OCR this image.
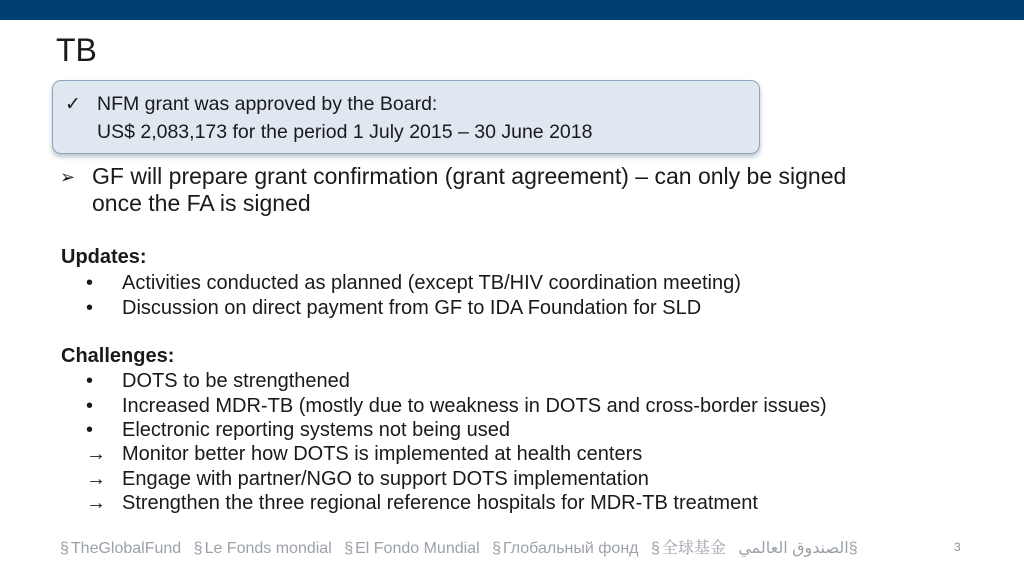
TB
✓ NFM grant was approved by the Board:
US$ 2,083,173 for the period 1 July 2015 – 30 June 2018
➢ GF will prepare grant confirmation (grant agreement) – can only be signed
once the FA is signed
Updates:
•	Activities conducted as planned (except TB/HIV coordination meeting)
•	Discussion on direct payment from GF to IDA Foundation for SLD
Challenges:
•	DOTS to be strengthened
•	Increased MDR-TB (mostly due to weakness in DOTS and cross-border issues)
•	Electronic reporting systems not being used
→ Monitor better how DOTS is implemented at health centers
→ Engage with partner/NGO to support DOTS implementation
→ Strengthen the three regional reference hospitals for MDR-TB treatment
§ TheGlobalFund § Le Fonds mondial § El Fondo Mundial § Глобальный фонд § 全球基金 الصندوق العالمي§	3
